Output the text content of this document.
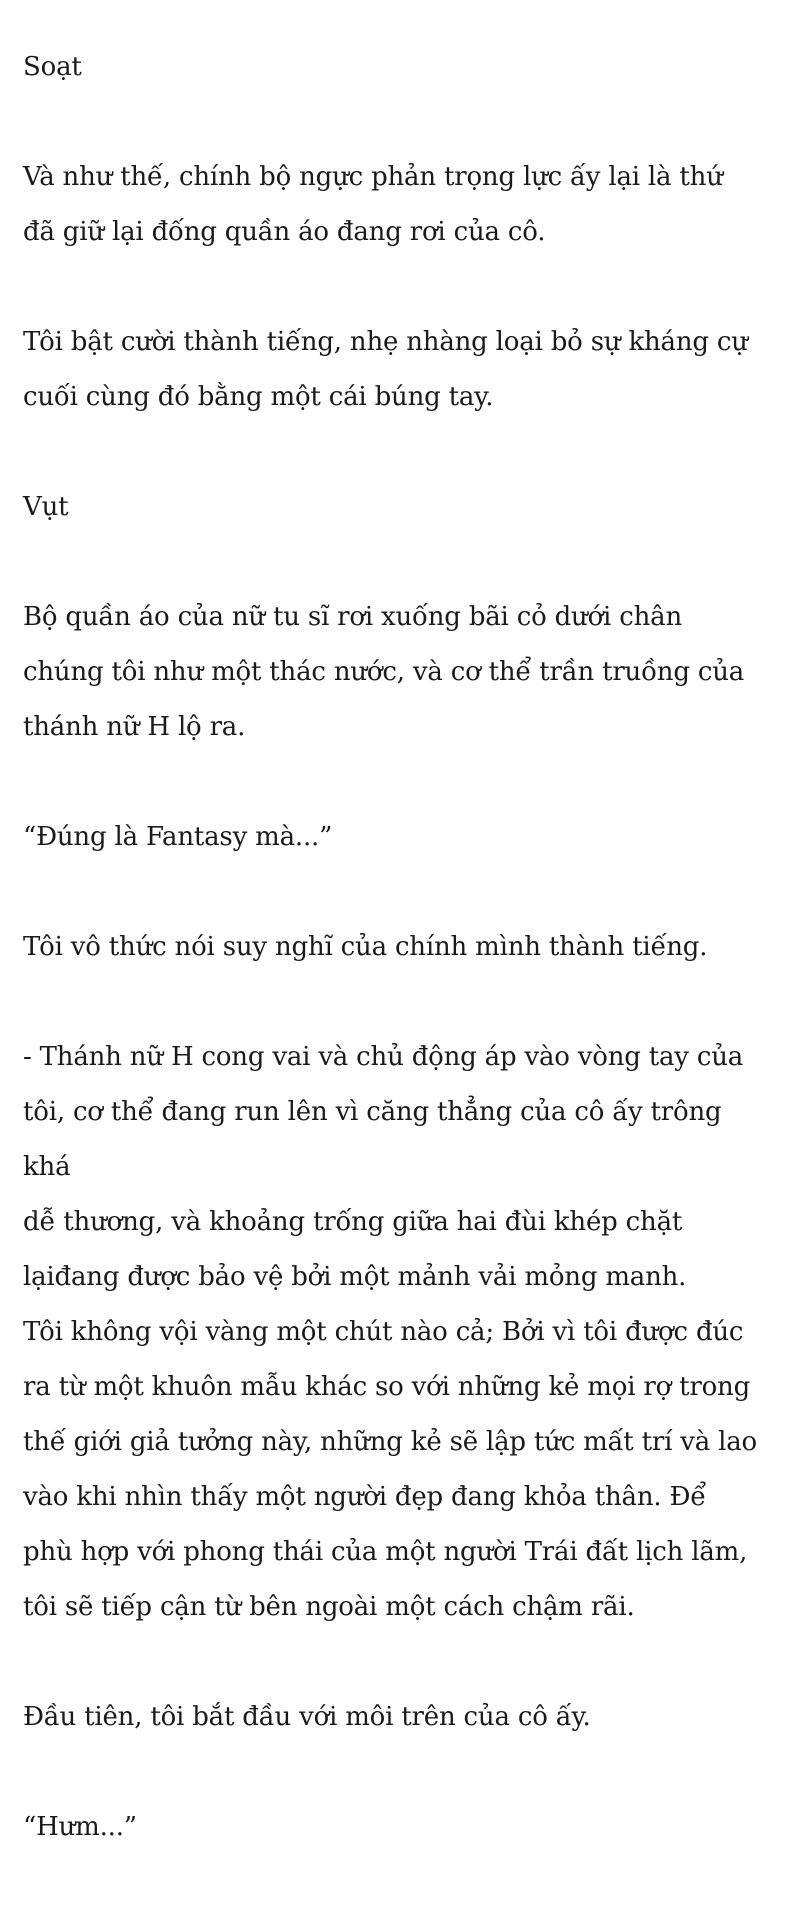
Soạt

Và như thế, chính bộ ngực phản trọng lực ấy lại là thứ
đã giữ lại đống quần áo đang rơi của cô.

Tôi bật cười thành tiếng, nhẹ nhàng loại bỏ sự kháng cự
cuối cùng đó bằng một cái búng tay.

Vụt

Bộ quần áo của nữ tu sĩ rơi xuống bãi cỏ dưới chân
chúng tôi như một thác nước, và cơ thể trần truồng của
thánh nữ H lộ ra.

“Đúng là Fantasy mà...”

Tôi vô thức nói suy nghĩ của chính mình thành tiếng.

- Thánh nữ H cong vai và chủ động áp vào vòng tay của
tôi, cơ thể đang run lên vì căng thẳng của cô ấy trông khá
dễ thương, và khoảng trống giữa hai đùi khép chặt
lạiđang được bảo vệ bởi một mảnh vải mỏng manh.

Tôi không vội vàng một chút nào cả; Bởi vì tôi được đúc
ra từ một khuôn mẫu khác so với những kẻ mọi rợ trong
thế giới giả tưởng này, những kẻ sẽ lập tức mất trí và lao
vào khi nhìn thấy một người đẹp đang khỏa thân. Để
phù hợp với phong thái của một người Trái đất lịch lãm,
tôi sẽ tiếp cận từ bên ngoài một cách chậm rãi.

Đầu tiên, tôi bắt đầu với môi trên của cô ấy.

“Hưm...”
